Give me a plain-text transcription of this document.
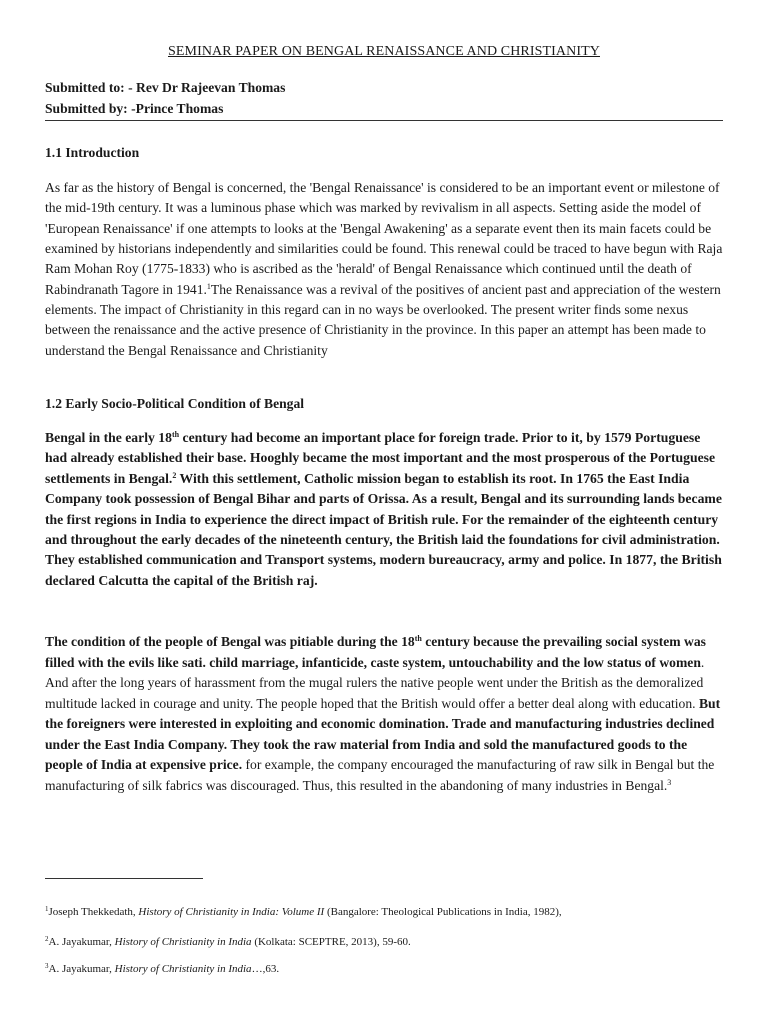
SEMINAR PAPER ON BENGAL RENAISSANCE AND CHRISTIANITY
Submitted to: - Rev Dr Rajeevan Thomas
Submitted by: -Prince Thomas
1.1 Introduction

As far as the history of Bengal is concerned, the 'Bengal Renaissance' is considered to be an important event or milestone of the mid-19th century. It was a luminous phase which was marked by revivalism in all aspects. Setting aside the model of 'European Renaissance' if one attempts to looks at the 'Bengal Awakening' as a separate event then its main facets could be examined by historians independently and similarities could be found. This renewal could be traced to have begun with Raja Ram Mohan Roy (1775-1833) who is ascribed as the 'herald' of Bengal Renaissance which continued until the death of Rabindranath Tagore in 1941.$^1$The Renaissance was a revival of the positives of ancient past and appreciation of the western elements. The impact of Christianity in this regard can in no ways be overlooked. The present writer finds some nexus between the renaissance and the active presence of Christianity in the province. In this paper an attempt has been made to understand the Bengal Renaissance and Christianity

1.2 Early Socio-Political Condition of Bengal

Bengal in the early 18th century had become an important place for foreign trade. Prior to it, by 1579 Portuguese had already established their base. Hooghly became the most important and the most prosperous of the Portuguese settlements in Bengal.$^2$ With this settlement, Catholic mission began to establish its root. In 1765 the East India Company took possession of Bengal Bihar and parts of Orissa. As a result, Bengal and its surrounding lands became the first regions in India to experience the direct impact of British rule. For the remainder of the eighteenth century and throughout the early decades of the nineteenth century, the British laid the foundations for civil administration. They established communication and Transport systems, modern bureaucracy, army and police. In 1877, the British declared Calcutta the capital of the British raj.

The condition of the people of Bengal was pitiable during the 18th century because the prevailing social system was filled with the evils like sati. child marriage, infanticide, caste system, untouchability and the low status of women. And after the long years of harassment from the mugal rulers the native people went under the British as the demoralized multitude lacked in courage and unity. The people hoped that the British would offer a better deal along with education. But the foreigners were interested in exploiting and economic domination. Trade and manufacturing industries declined under the East India Company. They took the raw material from India and sold the manufactured goods to the people of India at expensive price. for example, the company encouraged the manufacturing of raw silk in Bengal but the manufacturing of silk fabrics was discouraged. Thus, this resulted in the abandoning of many industries in Bengal.$^3$

$^1$Joseph Thekkedath, History of Christianity in India: Volume II (Bangalore: Theological Publications in India, 1982),
$^2$A. Jayakumar, History of Christianity in India (Kolkata: SCEPTRE, 2013), 59-60.
$^3$A. Jayakumar, History of Christianity in India…,63.
